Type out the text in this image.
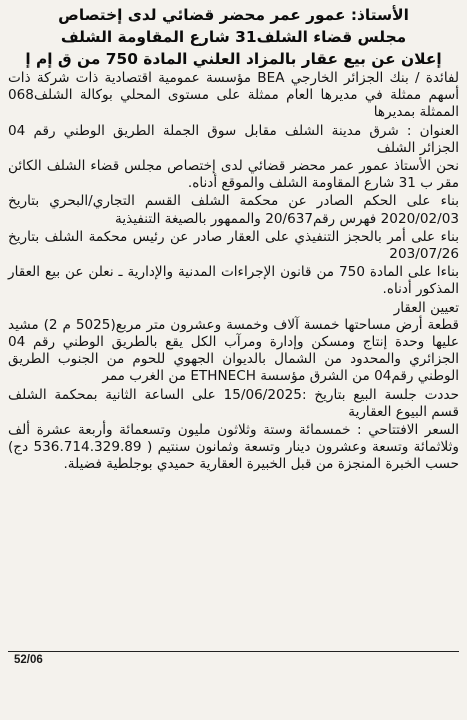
الأستاذ: عمور عمر محضر قضائي لدى إختصاص
مجلس قضاء الشلف31 شارع المقاومة الشلف
إعلان عن بيع عقار بالمزاد العلني المادة 750 من ق إم إ

لفائدة / بنك الجزائر الخارجي BEA مؤسسة عمومية اقتصادية ذات شركة ذات أسهم ممثلة في مديرها العام ممثلة على مستوى المحلي بوكالة الشلف068 الممثلة بمديرها

العنوان : شرق مدينة الشلف مقابل سوق الجملة الطريق الوطني رقم 04 الجزائر الشلف

نحن الأستاذ عمور عمر محضر قضائي لدى إختصاص مجلس قضاء الشلف الكائن مقر ب 31 شارع المقاومة الشلف والموقع أدناه.

بناء على الحكم الصادر عن محكمة الشلف القسم التجاري/البحري بتاريخ 2020/02/03 فهرس رقم20/637 والممهور بالصيغة التنفيذية

بناء على أمر بالحجز التنفيذي على العقار صادر عن رئيس محكمة الشلف بتاريخ 203/07/26

بناءا على المادة 750 من قانون الإجراءات المدنية والإدارية ـ نعلن عن بيع العقار المذكور أدناه.

تعيين العقار

قطعة أرض مساحتها خمسة آلاف وخمسة وعشرون متر مربع(5025 م 2) مشيد عليها وحدة إنتاج ومسكن وإدارة ومرآب الكل يقع بالطريق الوطني رقم 04 الجزائري والمحدود من الشمال بالديوان الجهوي للحوم من الجنوب الطريق الوطني رقم04 من الشرق مؤسسة ETHNECH من الغرب ممر

حددت جلسة البيع بتاريخ :15/06/2025 على الساعة الثانية بمحكمة الشلف قسم البيوع العقارية

السعر الافتتاحي : خمسمائة وستة وثلاثون مليون وتسعمائة وأربعة عشرة ألف وثلاثمائة وتسعة وعشرون دينار وتسعة وثمانون سنتيم ( 536.714.329.89 دج) حسب الخبرة المنجزة من قبل الخبيرة العقارية حميدي بوجلطية فضيلة.

52/06
